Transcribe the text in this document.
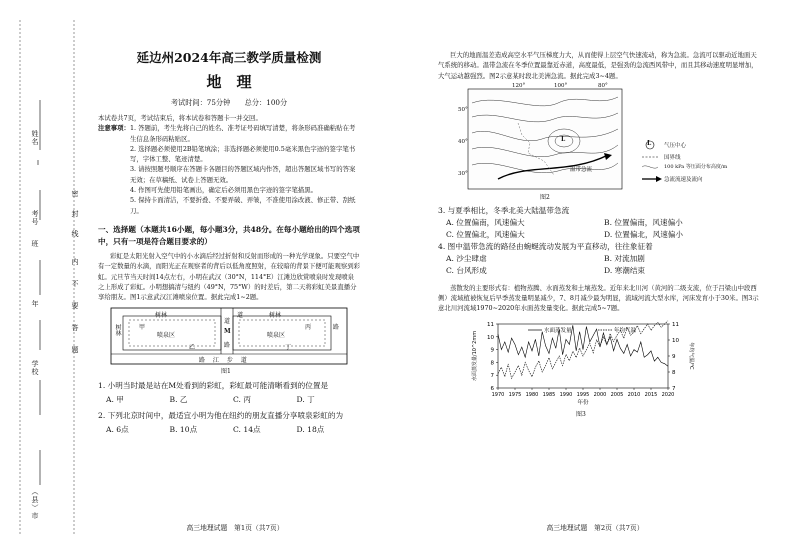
姓名
考号
班
年
学校
（县）市
密
封
线
内
不
要
答
题
延边州2024年高三教学质量检测
地　理
考试时间：75分钟　　总分：100分

本试卷共7页，考试结束后，将本试卷和答题卡一并交回。

注意事项： 1. 答题前，考生先将自己的姓名、准考证号码填写清楚，将条形码准确粘贴在考生信息条形码粘贴区。

2. 选择题必须使用2B铅笔填涂；非选择题必须使用0.5毫米黑色字迹的签字笔书写，字体工整、笔迹清楚。

3. 请按照题号顺序在答题卡各题目的答题区域内作答，超出答题区域书写的答案无效；在草稿纸、试卷上答题无效。

4. 作图可先使用铅笔画出，确定后必须用黑色字迹的签字笔描黑。

5. 保持卡面清洁，不要折叠、不要弄破、弄皱，不准使用涂改液、修正带、刮纸刀。

一、选择题（本题共16小题，每小题3分，共48分。在每小题给出的四个选项中，只有一项是符合题目要求的）

彩虹是太阳光射入空气中的小水滴后经过折射和反射而形成的一种光学现象。只要空气中有一定数量的水滴，而阳光正在观察者的背后以低角度照射，在较暗的背景下便可能观察到彩虹。元旦节当天时间14点左右，小明在武汉（30°N，114°E）江滩边欣赏喷泉时发现喷泉之上形成了彩虹。小明想搞清与纽约（49°N，75°W）的时差后，第二天将彩虹美景直播分享给朋友。图1示意武汉江滩喷泉位置。据此完成1~2题。

树林
树林	甲
喷泉区
乙
道
M
路
道
丙
喷泉区
丁
路
树林
路 江 步 道
图1
1. 小明当时最是站在M处看到的彩虹，彩虹最可能清晰看到的位置是
A. 甲	B. 乙	C. 丙	D. 丁
2. 下列北京时间中，最适宜小明为他在纽约的朋友直播分享喷泉彩虹的为
A. 6点	B. 10点	C. 14点	D. 18点
高三地理试题　第1页（共7页）

巨大的地面温差造成高空水平气压梯度力大，从而使得上层空气快速流动，称为急流。急流可以驱动近地面天气系统的移动。温带急流在冬季位置最靠近赤道，高度最低，是强劲的急流西风带中，而且其移动速度明显增加，大气运动越强烈。图2示意某时段北美洲急流。据此完成3~4题。

120°	100°	80°
50°
40°
30°
L
温带急流
L 气压中心
国界线
100 kPa 等压面分布高度/m
急流流速及流向
图2
3. 与夏季相比，冬季北美大陆温带急流
A. 位置偏南，风速偏大	B. 位置偏南，风速偏小
C. 位置偏北，风速偏大	D. 位置偏北，风速偏小
4. 图中温带急流的路径由蜿蜒流动发展为平直移动，往往象征着
A. 沙尘肆虐	B. 对流加剧
C. 台风形成	D. 寒潮结束

蒸散发的主要形式有：植物蒸腾、水面蒸发和土壤蒸发。近年来北川河（黄河的二级支流，位于吕梁山中段西侧）流域植被恢复后早季蒸发量明显减少，7、8月减少最为明显，流域河流大型水库，河床发育小于30米。图3示意北川河流域1970~2020年水面蒸发量变化。据此完成5~7题。

6
7
8
9
10
11
7
8
9
10
11
1970 1975 1980 1985 1990 1995 2000 2005 2010 2015 2020
年份
水面蒸发量/10^2mm	年均气温/℃
水面蒸发量	年均气温
图3
高三地理试题　第2页（共7页）
